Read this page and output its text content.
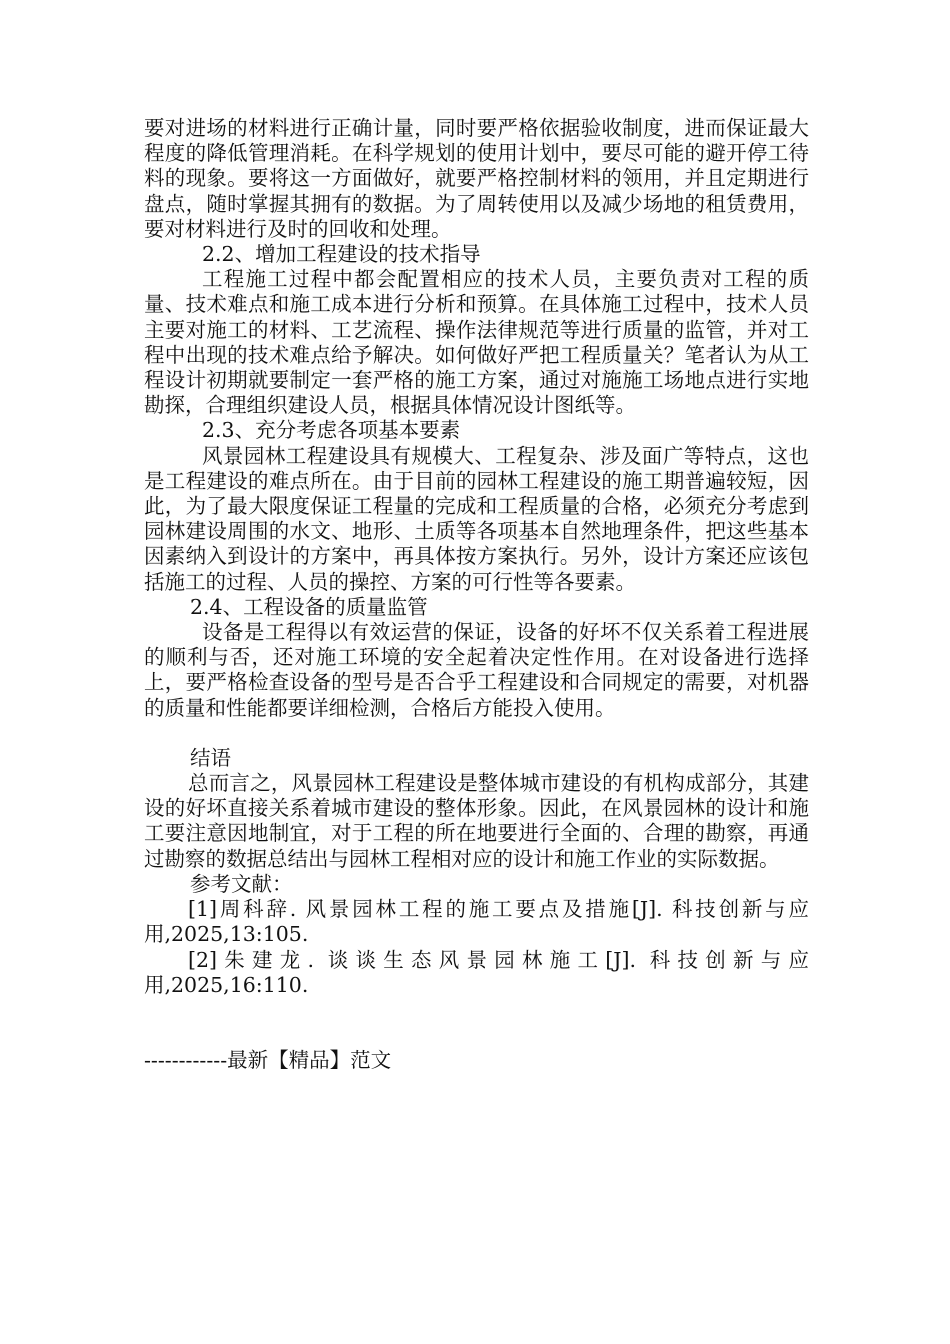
要对进场的材料进行正确计量，同时要严格依据验收制度，进而保证最大程度的降低管理消耗。在科学规划的使用计划中，要尽可能的避开停工待料的现象。要将这一方面做好，就要严格控制材料的领用，并且定期进行盘点，随时掌握其拥有的数据。为了周转使用以及减少场地的租赁费用，要对材料进行及时的回收和处理。

2.2、增加工程建设的技术指导

工程施工过程中都会配置相应的技术人员，主要负责对工程的质量、技术难点和施工成本进行分析和预算。在具体施工过程中，技术人员主要对施工的材料、工艺流程、操作法律规范等进行质量的监管，并对工程中出现的技术难点给予解决。如何做好严把工程质量关？笔者认为从工程设计初期就要制定一套严格的施工方案，通过对施施工场地点进行实地勘探，合理组织建设人员，根据具体情况设计图纸等。

2.3、充分考虑各项基本要素

风景园林工程建设具有规模大、工程复杂、涉及面广等特点，这也是工程建设的难点所在。由于目前的园林工程建设的施工期普遍较短，因此，为了最大限度保证工程量的完成和工程质量的合格，必须充分考虑到园林建设周围的水文、地形、土质等各项基本自然地理条件，把这些基本因素纳入到设计的方案中，再具体按方案执行。另外，设计方案还应该包括施工的过程、人员的操控、方案的可行性等各要素。

2.4、工程设备的质量监管

设备是工程得以有效运营的保证，设备的好坏不仅关系着工程进展的顺利与否，还对施工环境的安全起着决定性作用。在对设备进行选择上，要严格检查设备的型号是否合乎工程建设和合同规定的需要，对机器的质量和性能都要详细检测，合格后方能投入使用。

结语

总而言之，风景园林工程建设是整体城市建设的有机构成部分，其建设的好坏直接关系着城市建设的整体形象。因此，在风景园林的设计和施工要注意因地制宜，对于工程的所在地要进行全面的、合理的勘察，再通过勘察的数据总结出与园林工程相对应的设计和施工作业的实际数据。

参考文献：

[1]周科辞. 风景园林工程的施工要点及措施[J]. 科技创新与应用,2025,13:105.

[2]朱建龙. 谈谈生态风景园林施工[J]. 科技创新与应用,2025,16:110.

------------最新【精品】范文
